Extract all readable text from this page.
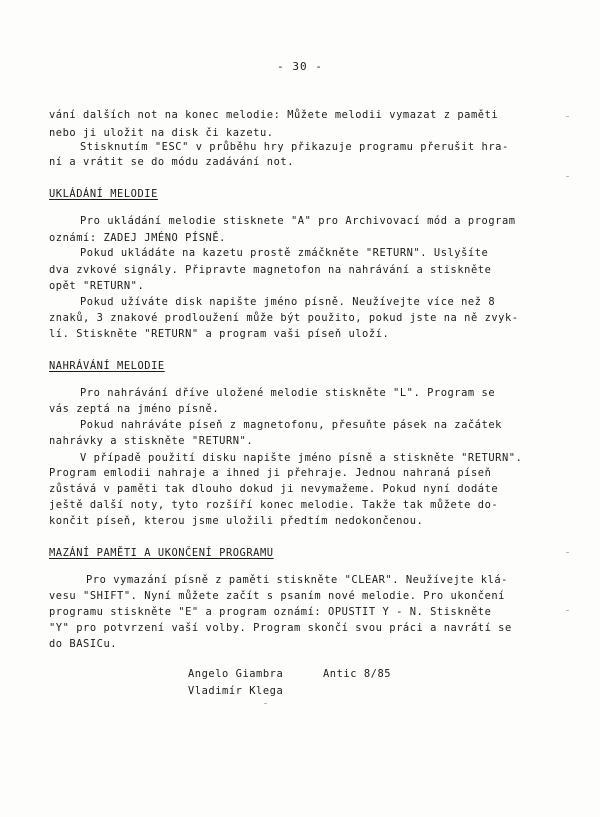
- 30 -
vání dalších not na konec melodie: Můžete melodii vymazat z paměti
nebo ji uložit na disk či kazetu.
Stisknutím "ESC" v průběhu hry přikazuje programu přerušit hra-
ní a vrátit se do módu zadávání not.
UKLÁDÁNÍ MELODIE
Pro ukládání melodie stisknete "A" pro Archivovací mód a program
oznámí: ZADEJ JMÉNO PÍSNĚ.
Pokud ukládáte na kazetu prostě zmáčkněte "RETURN". Uslyšíte
dva zvkové signály. Připravte magnetofon na nahrávání a stiskněte
opět "RETURN".
Pokud užíváte disk napište jméno písně. Neužívejte více než 8
znaků, 3 znakové prodloužení může být použito, pokud jste na ně zvyk-
lí. Stiskněte "RETURN" a program vaši píseň uloží.
NAHRÁVÁNÍ MELODIE
Pro nahrávání dříve uložené melodie stiskněte "L". Program se
vás zeptá na jméno písně.
Pokud nahráváte píseň z magnetofonu, přesuňte pásek na začátek
nahrávky a stiskněte "RETURN".
V případě použití disku napište jméno písně a stiskněte "RETURN".
Program emlodii nahraje a ihned ji přehraje. Jednou nahraná píseň
zůstává v paměti tak dlouho dokud ji nevymažeme. Pokud nyní dodáte
ještě další noty, tyto rozšíří konec melodie. Takže tak můžete do-
končit píseň, kterou jsme uložili předtím nedokončenou.
MAZÁNÍ PAMĚTI A UKONČENÍ PROGRAMU
Pro vymazání písně z paměti stiskněte "CLEAR". Neužívejte klá-
vesu "SHIFT". Nyní můžete začít s psaním nové melodie. Pro ukončení
programu stiskněte "E" a program oznámí: OPUSTIT Y - N. Stiskněte
"Y" pro potvrzení vaší volby. Program skončí svou práci a navrátí se
do BASICu.
Angelo Giambra
Vladimír Klega
Antic 8/85
